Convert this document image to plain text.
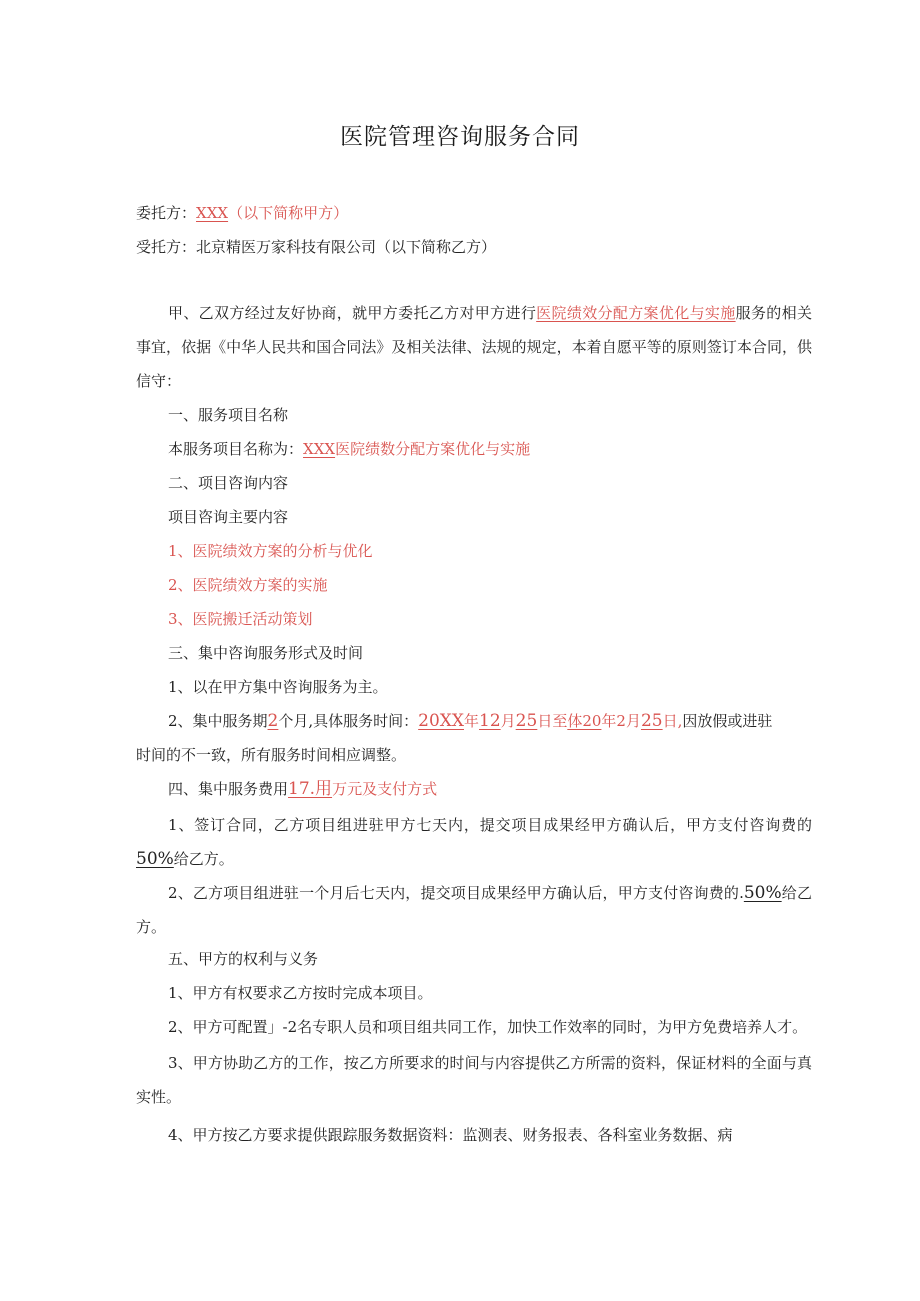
医院管理咨询服务合同
委托方：XXX（以下简称甲方）
受托方：北京精医万家科技有限公司（以下简称乙方）
甲、乙双方经过友好协商，就甲方委托乙方对甲方进行医院绩效分配方案优化与实施服务的相关事宜，依据《中华人民共和国合同法》及相关法律、法规的规定，本着自愿平等的原则签订本合同，供信守：
一、服务项目名称
本服务项目名称为：XXX医院绩数分配方案优化与实施
二、项目咨询内容
项目咨询主要内容
1、医院绩效方案的分析与优化
2、医院绩效方案的实施
3、医院搬迁活动策划
三、集中咨询服务形式及时间
1、以在甲方集中咨询服务为主。
2、集中服务期2个月,具体服务时间：20XX年12月25日至体20年2月25日,因放假或进驻
时间的不一致，所有服务时间相应调整。
四、集中服务费用17.用万元及支付方式
1、签订合同，乙方项目组进驻甲方七天内，提交项目成果经甲方确认后，甲方支付咨询费的50%给乙方。
2、乙方项目组进驻一个月后七天内，提交项目成果经甲方确认后，甲方支付咨询费的.50%给乙方。
五、甲方的权利与义务
1、甲方有权要求乙方按时完成本项目。
2、甲方可配置」-2名专职人员和项目组共同工作，加快工作效率的同时，为甲方免费培养人才。
3、甲方协助乙方的工作，按乙方所要求的时间与内容提供乙方所需的资料，保证材料的全面与真实性。
4、甲方按乙方要求提供跟踪服务数据资料：监测表、财务报表、各科室业务数据、病
